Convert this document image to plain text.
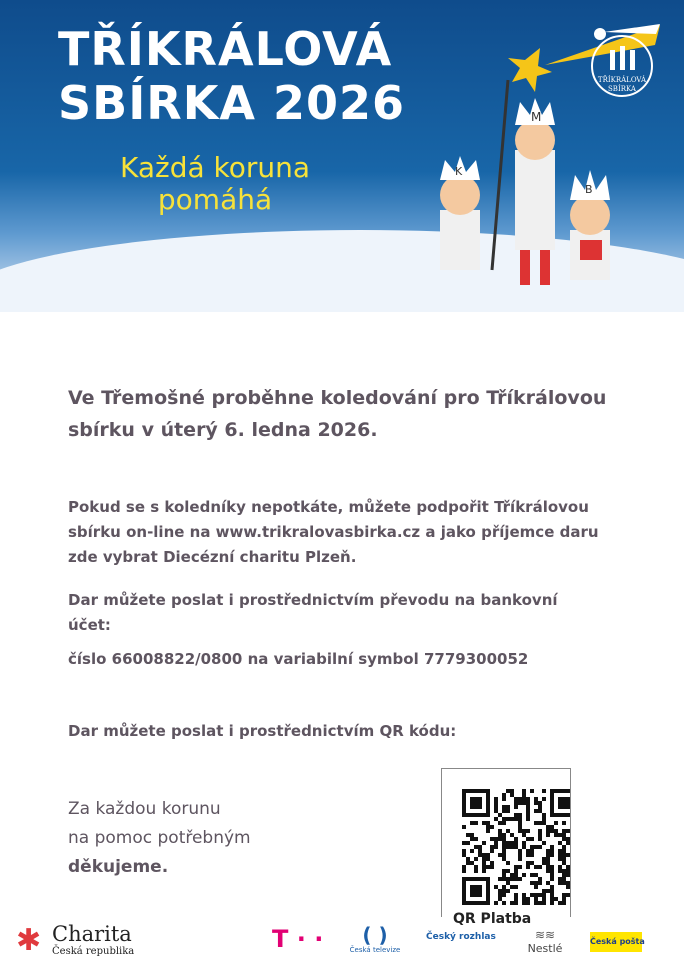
TŘÍKRÁLOVÁ
SBÍRKA 2026
Každá koruna
pomáhá
M
K
B
TŘÍKRÁLOVÁ
SBÍRKA
Ve Třemošné proběhne koledování pro Tříkrálovou
sbírku v úterý 6. ledna 2026.
Pokud se s koledníky nepotkáte, můžete podpořit Tříkrálovou
sbírku on-line na www.trikralovasbirka.cz a jako příjemce daru
zde vybrat Diecézní charitu Plzeň.
Dar můžete poslat i prostřednictvím převodu na bankovní
účet:
číslo 66008822/0800 na variabilní symbol 7779300052
Dar můžete poslat i prostřednictvím QR kódu:
QR Platba
Za každou korunu
na pomoc potřebným
děkujeme.
✱ Charita
Česká republika	T · ·	( )
Česká televize
Český rozhlas	≋≋
Nestlé
Česká pošta
